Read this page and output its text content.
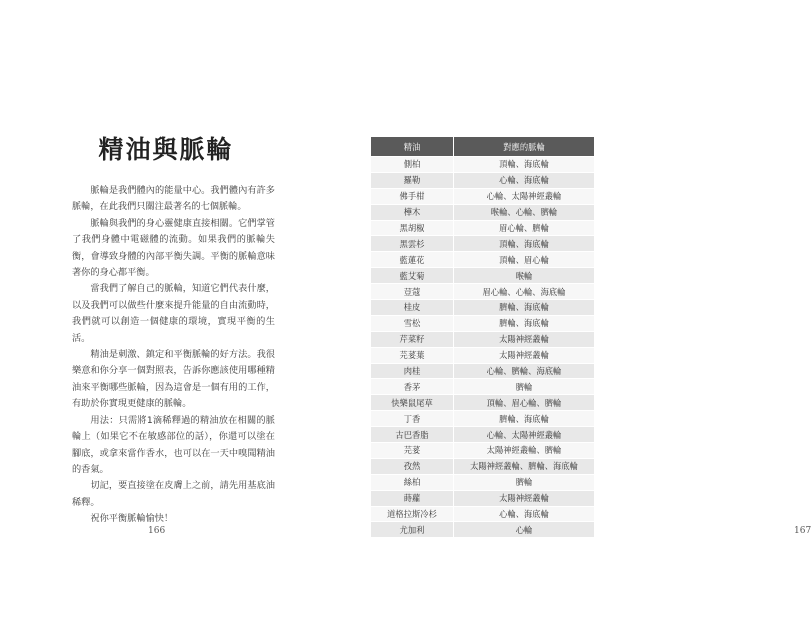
精油與脈輪

脈輪是我們體內的能量中心。我們體內有許多脈輪，在此我們只關注最著名的七個脈輪。

脈輪與我們的身心靈健康直接相關。它們掌管了我們身體中電磁體的流動。如果我們的脈輪失衡，會導致身體的內部平衡失調。平衡的脈輪意味著你的身心都平衡。

當我們了解自己的脈輪，知道它們代表什麼，以及我們可以做些什麼來提升能量的自由流動時，我們就可以創造一個健康的環境，實現平衡的生活。

精油是刺激、鎮定和平衡脈輪的好方法。我很樂意和你分享一個對照表，告訴你應該使用哪種精油來平衡哪些脈輪，因為這會是一個有用的工作，有助於你實現更健康的脈輪。

用法：只需將1滴稀釋過的精油放在相關的脈輪上（如果它不在敏感部位的話），你還可以塗在腳底，或拿來當作香水，也可以在一天中嗅聞精油的香氣。

切記，要直接塗在皮膚上之前，請先用基底油稀釋。

祝你平衡脈輪愉快！

166	167
精油	對應的脈輪
側柏	頂輪、海底輪
羅勒	心輪、海底輪
佛手柑	心輪、太陽神經叢輪
樺木	喉輪、心輪、臍輪
黑胡椒	眉心輪、臍輪
黑雲杉	頂輪、海底輪
藍蓮花	頂輪、眉心輪
藍艾菊	喉輪
荳蔻	眉心輪、心輪、海底輪
桂皮	臍輪、海底輪
雪松	臍輪、海底輪
芹菜籽	太陽神經叢輪
芫荽葉	太陽神經叢輪
肉桂	心輪、臍輪、海底輪
香茅	臍輪
快樂鼠尾草	頂輪、眉心輪、臍輪
丁香	臍輪、海底輪
古巴香脂	心輪、太陽神經叢輪
芫荽	太陽神經叢輪、臍輪
孜然	太陽神經叢輪、臍輪、海底輪
絲柏	臍輪
蒔蘿	太陽神經叢輪
道格拉斯冷杉	心輪、海底輪
尤加利	心輪
